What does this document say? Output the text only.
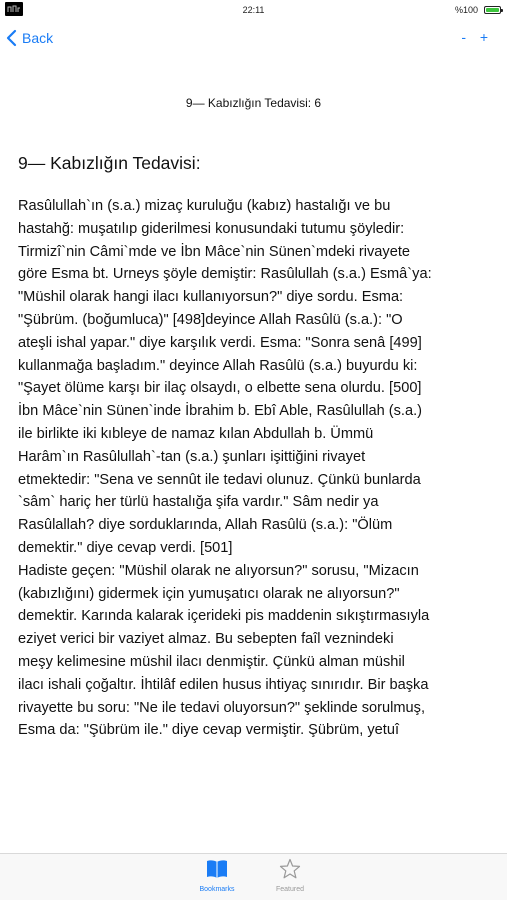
22:11	%100
Back	- +
9— Kabızlığın Tedavisi: 6
9— Kabızlığın Tedavisi:
Rasûlullah`ın (s.a.) mizaç kuruluğu (kabız) hastalığı ve bu
hastahğ: muşatılıp giderilmesi konusundaki tutumu şöyledir:
Tirmizî`nin Câmi`mde ve İbn Mâce`nin Sünen`mdeki rivayete
göre Esma bt. Urneys şöyle demiştir: Rasûlullah (s.a.) Esmâ`ya:
"Müshil olarak hangi ilacı kullanıyorsun?" diye sordu. Esma:
"Şübrüm. (boğumluca)" [498]deyince Allah Rasûlü (s.a.): "O
ateşli ishal yapar." diye karşılık verdi. Esma: "Sonra senâ [499]
kullanmağa başladım." deyince Allah Rasûlü (s.a.) buyurdu ki:
"Şayet ölüme karşı bir ilaç olsaydı, o elbette sena olurdu. [500]
İbn Mâce`nin Sünen`inde İbrahim b. Ebî Able, Rasûlullah (s.a.)
ile birlikte iki kıbleye de namaz kılan Abdullah b. Ümmü
Harâm`ın Rasûlullah`-tan (s.a.) şunları işittiğini rivayet
etmektedir: "Sena ve sennût ile tedavi olunuz. Çünkü bunlarda
`sâm` hariç her türlü hastalığa şifa vardır." Sâm nedir ya
Rasûlallah? diye sorduklarında, Allah Rasûlü (s.a.): "Ölüm
demektir." diye cevap verdi. [501]
Hadiste geçen: "Müshil olarak ne alıyorsun?" sorusu, "Mizacın
(kabızlığını) gidermek için yumuşatıcı olarak ne alıyorsun?"
demektir. Karında kalarak içerideki pis maddenin sıkıştırmasıyla
eziyet verici bir vaziyet almaz. Bu sebepten faîl veznindeki
meşy kelimesine müshil ilacı denmiştir. Çünkü alman müshil
ilacı ishali çoğaltır. İhtilâf edilen husus ihtiyaç sınırıdır. Bir başka
rivayette bu soru: "Ne ile tedavi oluyorsun?" şeklinde sorulmuş,
Esma da: "Şübrüm ile." diye cevap vermiştir. Şübrüm, yetuî
Bookmarks	Featured
